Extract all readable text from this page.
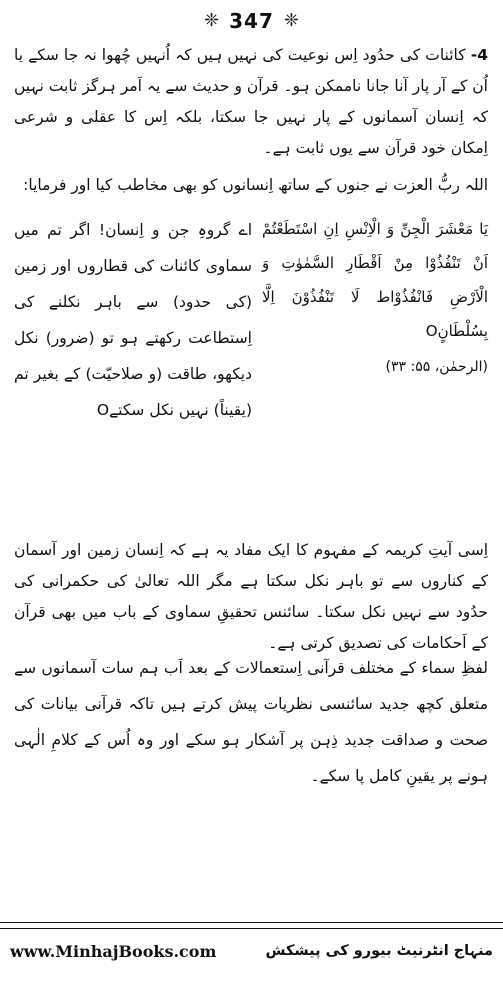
❈ 347 ❈
4- کائنات کی حدُود اِس نوعیت کی نہیں ہیں کہ اُنہیں چُھوا نہ جا سکے یا اُن کے آر پار آنا جانا ناممکن ہو۔ قرآن و حدیث سے یہ اَمر ہرگز ثابت نہیں کہ اِنسان آسمانوں کے پار نہیں جا سکتا، بلکہ اِس کا عقلی و شرعی اِمکان خود قرآن سے یوں ثابت ہے۔
اللہ ربُّ العزت نے جنوں کے ساتھ اِنسانوں کو بھی مخاطب کیا اور فرمایا:
يَا مَعْشَرَ الْجِنِّ وَ الْاِنْسِ اِنِ اسْتَطَعْتُمْ اَنْ تَنْفُذُوْا مِنْ اَقْطَارِ السَّمٰوٰتِ وَ الْاَرْضِ فَانْفُذُوْاط لَا تَنْفُذُوْنَ اِلَّا بِسُلْطَانٍO
(الرحمٰن، ۵۵: ۳۳)
اے گروہِ جن و اِنسان! اگر تم میں سماوی کائنات کی قطاروں اور زمین (کی حدود) سے باہر نکلنے کی اِستطاعت رکھتے ہو تو (ضرور) نکل دیکھو، طاقت (و صلاحیّت) کے بغیر تم (یقیناً) نہیں نکل سکتےO
اِسی آیتِ کریمہ کے مفہوم کا ایک مفاد یہ ہے کہ اِنسان زمین اور آسمان کے کناروں سے تو باہر نکل سکتا ہے مگر اللہ تعالیٰ کی حکمرانی کی حدُود سے نہیں نکل سکتا۔ سائنس تحقیقِ سماوی کے باب میں بھی قرآن کے اَحکامات کی تصدیق کرتی ہے۔
لفظِ سماء کے مختلف قرآنی اِستعمالات کے بعد اَب ہم سات آسمانوں سے متعلق کچھ جدید سائنسی نظریات پیش کرتے ہیں تاکہ قرآنی بیانات کی صحت و صداقت جدید ذِہن پر آشکار ہو سکے اور وہ اُس کے کلامِ الٰہی ہونے پر یقینِ کامل پا سکے۔
www.MinhajBooks.com	منہاج انٹرنیٹ بیورو کی پیشکش
